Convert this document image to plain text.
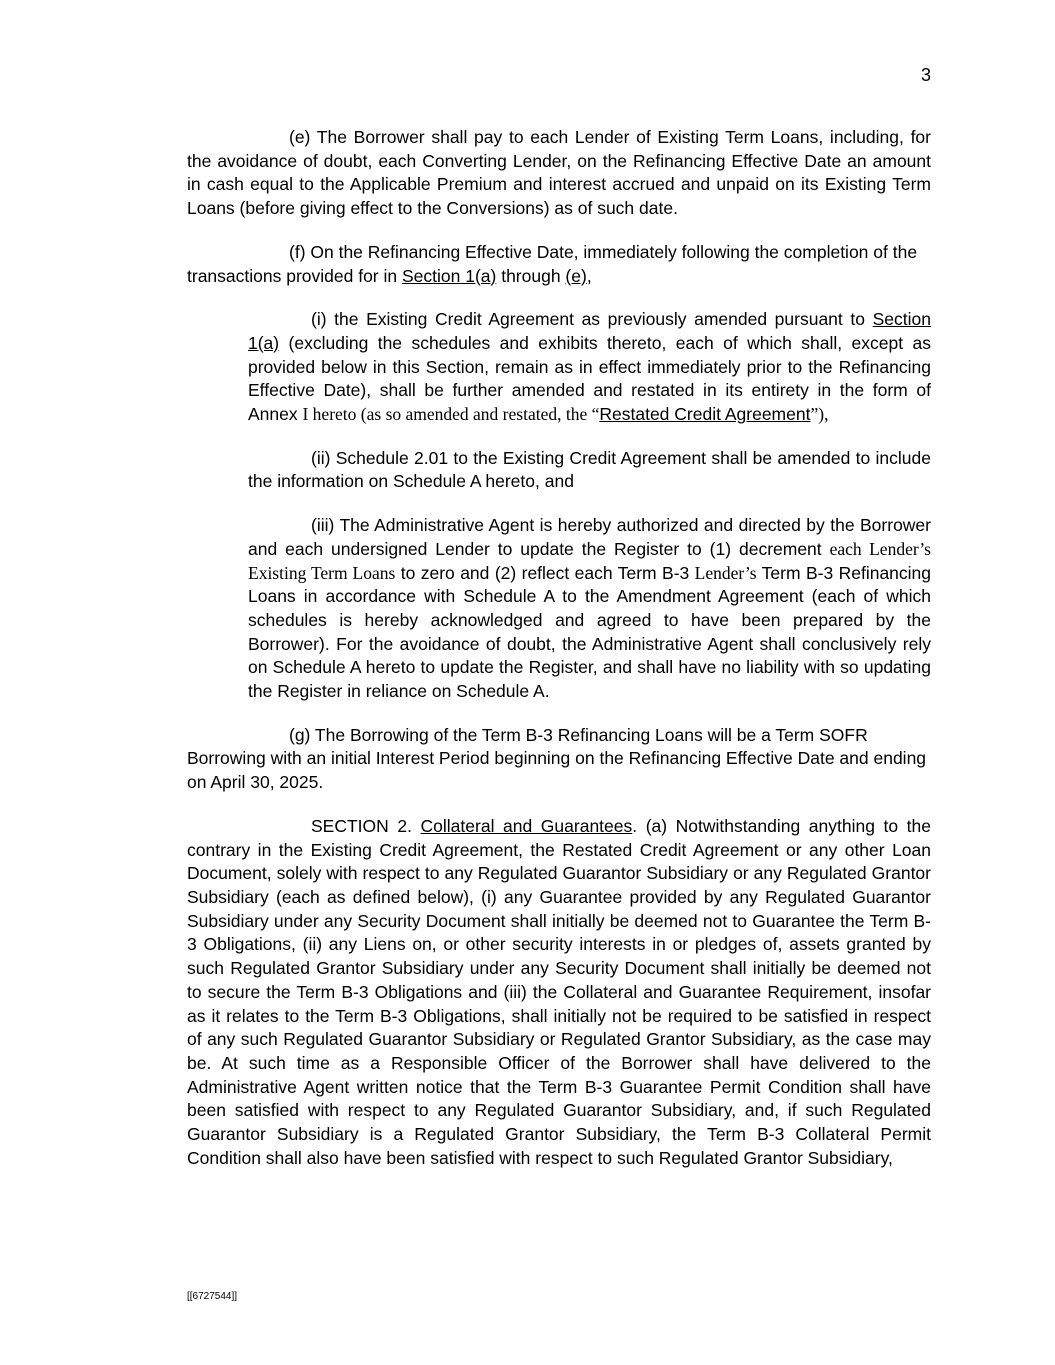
3

(e) The Borrower shall pay to each Lender of Existing Term Loans, including, for the avoidance of doubt, each Converting Lender, on the Refinancing Effective Date an amount in cash equal to the Applicable Premium and interest accrued and unpaid on its Existing Term Loans (before giving effect to the Conversions) as of such date.

(f) On the Refinancing Effective Date, immediately following the completion of the transactions provided for in Section 1(a) through (e),

(i) the Existing Credit Agreement as previously amended pursuant to Section 1(a) (excluding the schedules and exhibits thereto, each of which shall, except as provided below in this Section, remain as in effect immediately prior to the Refinancing Effective Date), shall be further amended and restated in its entirety in the form of Annex I hereto (as so amended and restated, the “Restated Credit Agreement”),

(ii) Schedule 2.01 to the Existing Credit Agreement shall be amended to include the information on Schedule A hereto, and

(iii) The Administrative Agent is hereby authorized and directed by the Borrower and each undersigned Lender to update the Register to (1) decrement each Lender’s Existing Term Loans to zero and (2) reflect each Term B-3 Lender’s Term B-3 Refinancing Loans in accordance with Schedule A to the Amendment Agreement (each of which schedules is hereby acknowledged and agreed to have been prepared by the Borrower). For the avoidance of doubt, the Administrative Agent shall conclusively rely on Schedule A hereto to update the Register, and shall have no liability with so updating the Register in reliance on Schedule A.

(g) The Borrowing of the Term B-3 Refinancing Loans will be a Term SOFR Borrowing with an initial Interest Period beginning on the Refinancing Effective Date and ending on April 30, 2025.

SECTION 2. Collateral and Guarantees. (a) Notwithstanding anything to the contrary in the Existing Credit Agreement, the Restated Credit Agreement or any other Loan Document, solely with respect to any Regulated Guarantor Subsidiary or any Regulated Grantor Subsidiary (each as defined below), (i) any Guarantee provided by any Regulated Guarantor Subsidiary under any Security Document shall initially be deemed not to Guarantee the Term B-3 Obligations, (ii) any Liens on, or other security interests in or pledges of, assets granted by such Regulated Grantor Subsidiary under any Security Document shall initially be deemed not to secure the Term B-3 Obligations and (iii) the Collateral and Guarantee Requirement, insofar as it relates to the Term B-3 Obligations, shall initially not be required to be satisfied in respect of any such Regulated Guarantor Subsidiary or Regulated Grantor Subsidiary, as the case may be. At such time as a Responsible Officer of the Borrower shall have delivered to the Administrative Agent written notice that the Term B-3 Guarantee Permit Condition shall have been satisfied with respect to any Regulated Guarantor Subsidiary, and, if such Regulated Guarantor Subsidiary is a Regulated Grantor Subsidiary, the Term B-3 Collateral Permit Condition shall also have been satisfied with respect to such Regulated Grantor Subsidiary,

[[6727544]]
